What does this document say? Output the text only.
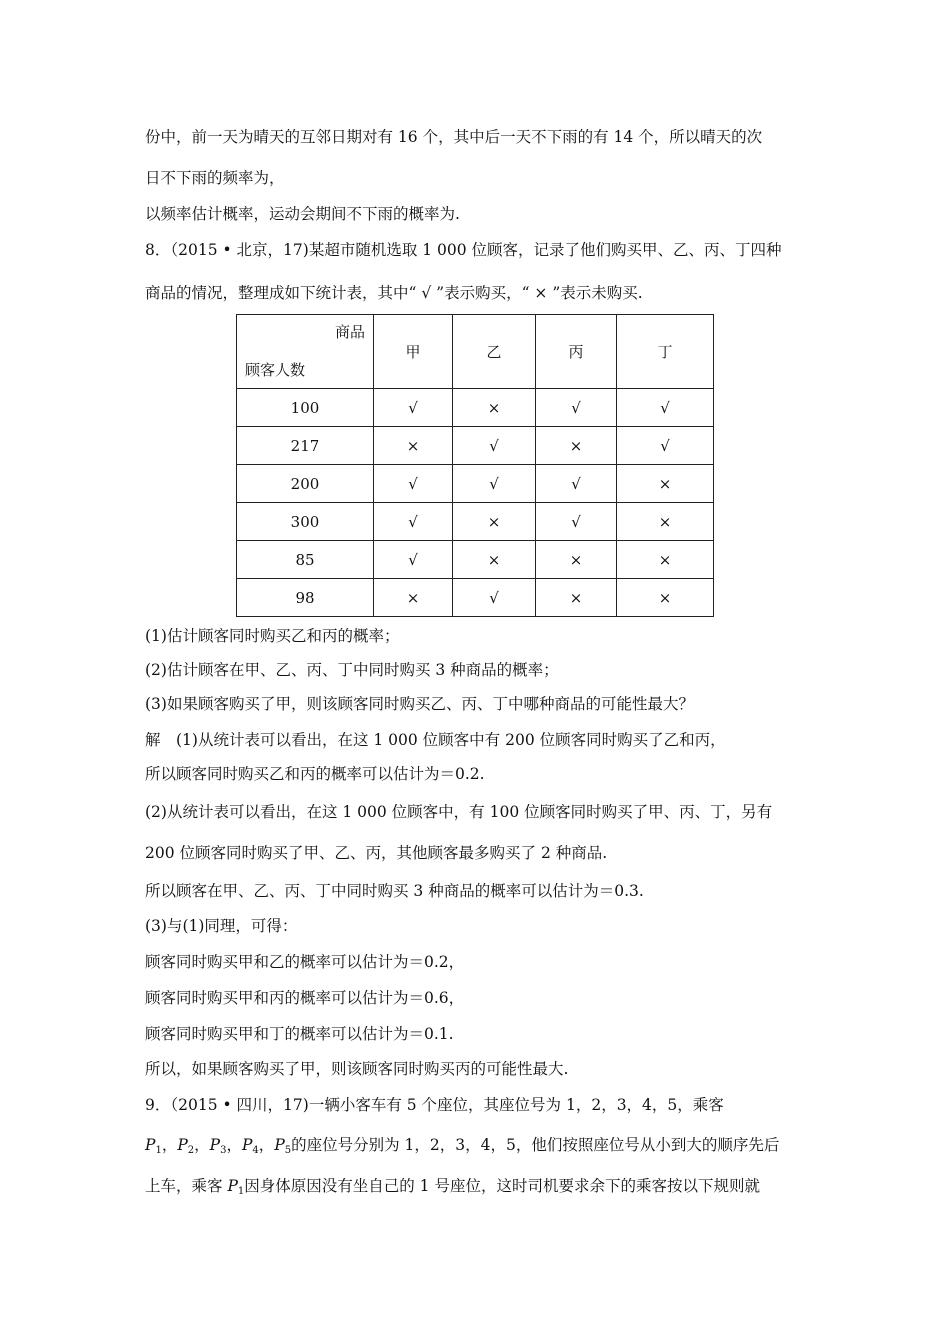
份中，前一天为晴天的互邻日期对有 16 个，其中后一天不下雨的有 14 个，所以晴天的次
日不下雨的频率为，
以频率估计概率，运动会期间不下雨的概率为.
8．（2015 • 北京，17)某超市随机选取 1 000 位顾客，记录了他们购买甲、乙、丙、丁四种
商品的情况，整理成如下统计表，其中“ √ ”表示购买，“ × ”表示未购买.
商品
顾客人数	甲	乙	丙	丁
100	√	×	√	√
217	×	√	×	√
200	√	√	√	×
300	√	×	√	×
85	√	×	×	×
98	×	√	×	×
(1)估计顾客同时购买乙和丙的概率；
(2)估计顾客在甲、乙、丙、丁中同时购买 3 种商品的概率；
(3)如果顾客购买了甲，则该顾客同时购买乙、丙、丁中哪种商品的可能性最大？
解　(1)从统计表可以看出，在这 1 000 位顾客中有 200 位顾客同时购买了乙和丙，
所以顾客同时购买乙和丙的概率可以估计为＝0.2.
(2)从统计表可以看出，在这 1 000 位顾客中，有 100 位顾客同时购买了甲、丙、丁，另有
200 位顾客同时购买了甲、乙、丙，其他顾客最多购买了 2 种商品.
所以顾客在甲、乙、丙、丁中同时购买 3 种商品的概率可以估计为＝0.3.
(3)与(1)同理，可得：
顾客同时购买甲和乙的概率可以估计为＝0.2，
顾客同时购买甲和丙的概率可以估计为＝0.6，
顾客同时购买甲和丁的概率可以估计为＝0.1.
所以，如果顾客购买了甲，则该顾客同时购买丙的可能性最大.
9．（2015 • 四川，17)一辆小客车有 5 个座位，其座位号为 1，2，3，4，5，乘客
$P_1$，$P_2$，$P_3$，$P_4$，$P_5$的座位号分别为 1，2，3，4，5，他们按照座位号从小到大的顺序先后
上车，乘客 $P_1$因身体原因没有坐自己的 1 号座位，这时司机要求余下的乘客按以下规则就
